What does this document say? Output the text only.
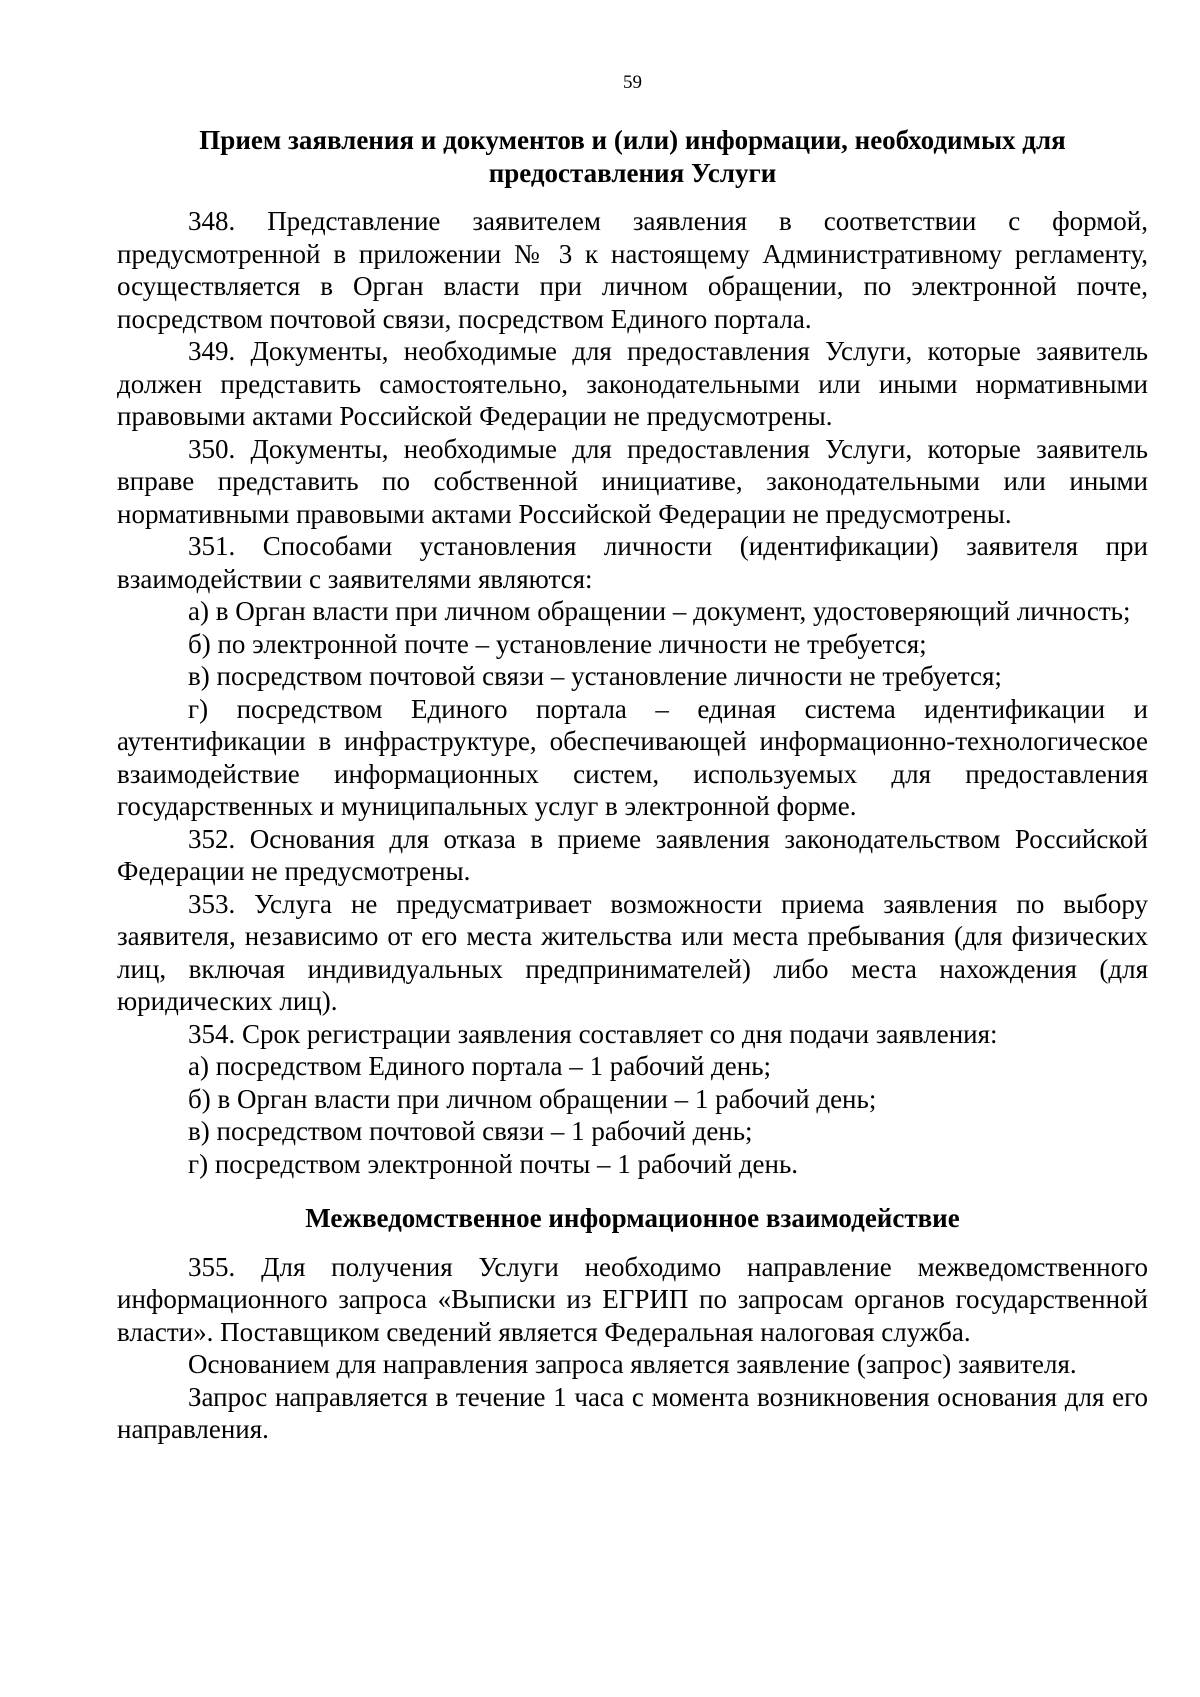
59
Прием заявления и документов и (или) информации, необходимых для предоставления Услуги

348. Представление заявителем заявления в соответствии с формой, предусмотренной в приложении № 3 к настоящему Административному регламенту, осуществляется в Орган власти при личном обращении, по электронной почте, посредством почтовой связи, посредством Единого портала.

349. Документы, необходимые для предоставления Услуги, которые заявитель должен представить самостоятельно, законодательными или иными нормативными правовыми актами Российской Федерации не предусмотрены.

350. Документы, необходимые для предоставления Услуги, которые заявитель вправе представить по собственной инициативе, законодательными или иными нормативными правовыми актами Российской Федерации не предусмотрены.

351. Способами установления личности (идентификации) заявителя при взаимодействии с заявителями являются:

а) в Орган власти при личном обращении – документ, удостоверяющий личность;

б) по электронной почте – установление личности не требуется;

в) посредством почтовой связи – установление личности не требуется;

г) посредством Единого портала – единая система идентификации и аутентификации в инфраструктуре, обеспечивающей информационно-технологическое взаимодействие информационных систем, используемых для предоставления государственных и муниципальных услуг в электронной форме.

352. Основания для отказа в приеме заявления законодательством Российской Федерации не предусмотрены.

353. Услуга не предусматривает возможности приема заявления по выбору заявителя, независимо от его места жительства или места пребывания (для физических лиц, включая индивидуальных предпринимателей) либо места нахождения (для юридических лиц).

354. Срок регистрации заявления составляет со дня подачи заявления:

а) посредством Единого портала – 1 рабочий день;

б) в Орган власти при личном обращении – 1 рабочий день;

в) посредством почтовой связи – 1 рабочий день;

г) посредством электронной почты – 1 рабочий день.

Межведомственное информационное взаимодействие

355. Для получения Услуги необходимо направление межведомственного информационного запроса «Выписки из ЕГРИП по запросам органов государственной власти». Поставщиком сведений является Федеральная налоговая служба.

Основанием для направления запроса является заявление (запрос) заявителя.

Запрос направляется в течение 1 часа с момента возникновения основания для его направления.
